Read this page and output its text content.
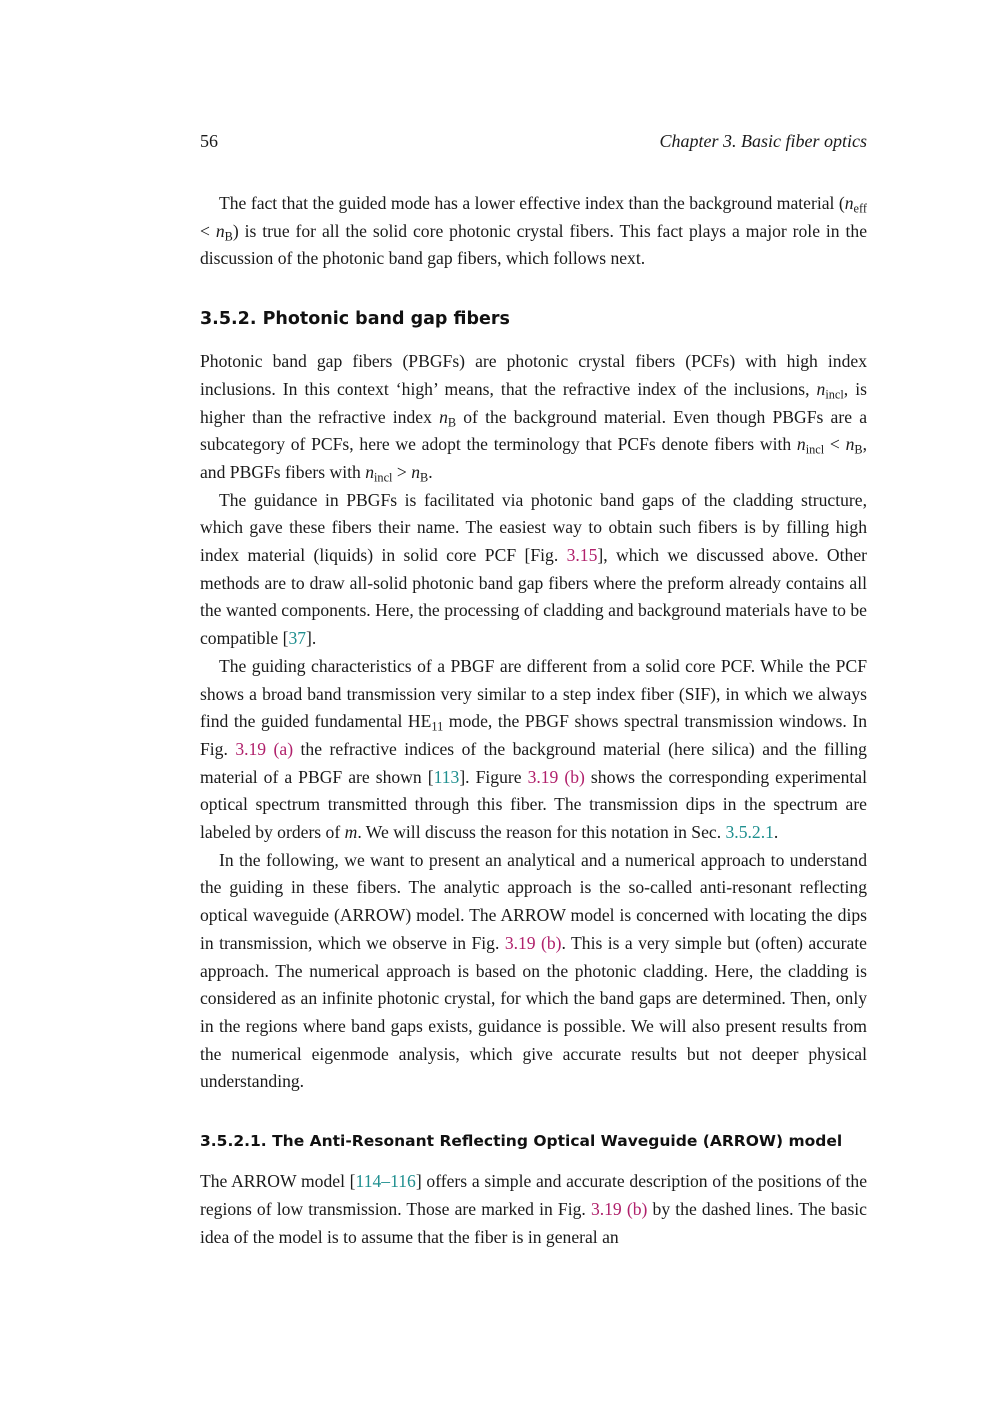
56	Chapter 3. Basic fiber optics

The fact that the guided mode has a lower effective index than the background material $(n_{eff} < n_B)$ is true for all the solid core photonic crystal fibers. This fact plays a major role in the discussion of the photonic band gap fibers, which follows next.

3.5.2. Photonic band gap fibers

Photonic band gap fibers (PBGFs) are photonic crystal fibers (PCFs) with high index inclusions. In this context ‘high’ means, that the refractive index of the inclusions, $n_{incl}$, is higher than the refractive index $n_B$ of the background material. Even though PBGFs are a subcategory of PCFs, here we adopt the terminology that PCFs denote fibers with $n_{incl} < n_B$, and PBGFs fibers with $n_{incl} > n_B$.

The guidance in PBGFs is facilitated via photonic band gaps of the cladding structure, which gave these fibers their name. The easiest way to obtain such fibers is by filling high index material (liquids) in solid core PCF [Fig. 3.15], which we discussed above. Other methods are to draw all-solid photonic band gap fibers where the preform already contains all the wanted components. Here, the processing of cladding and background materials have to be compatible [37].

The guiding characteristics of a PBGF are different from a solid core PCF. While the PCF shows a broad band transmission very similar to a step index fiber (SIF), in which we always find the guided fundamental $HE_{11}$ mode, the PBGF shows spectral transmission windows. In Fig. 3.19 (a) the refractive indices of the background material (here silica) and the filling material of a PBGF are shown [113]. Figure 3.19 (b) shows the corresponding experimental optical spectrum transmitted through this fiber. The transmission dips in the spectrum are labeled by orders of m. We will discuss the reason for this notation in Sec. 3.5.2.1.

In the following, we want to present an analytical and a numerical approach to understand the guiding in these fibers. The analytic approach is the so-called anti-resonant reflecting optical waveguide (ARROW) model. The ARROW model is concerned with locating the dips in transmission, which we observe in Fig. 3.19 (b). This is a very simple but (often) accurate approach. The numerical approach is based on the photonic cladding. Here, the cladding is considered as an infinite photonic crystal, for which the band gaps are determined. Then, only in the regions where band gaps exists, guidance is possible. We will also present results from the numerical eigenmode analysis, which give accurate results but not deeper physical understanding.

3.5.2.1. The Anti-Resonant Reflecting Optical Waveguide (ARROW) model

The ARROW model [114–116] offers a simple and accurate description of the positions of the regions of low transmission. Those are marked in Fig. 3.19 (b) by the dashed lines. The basic idea of the model is to assume that the fiber is in general an
